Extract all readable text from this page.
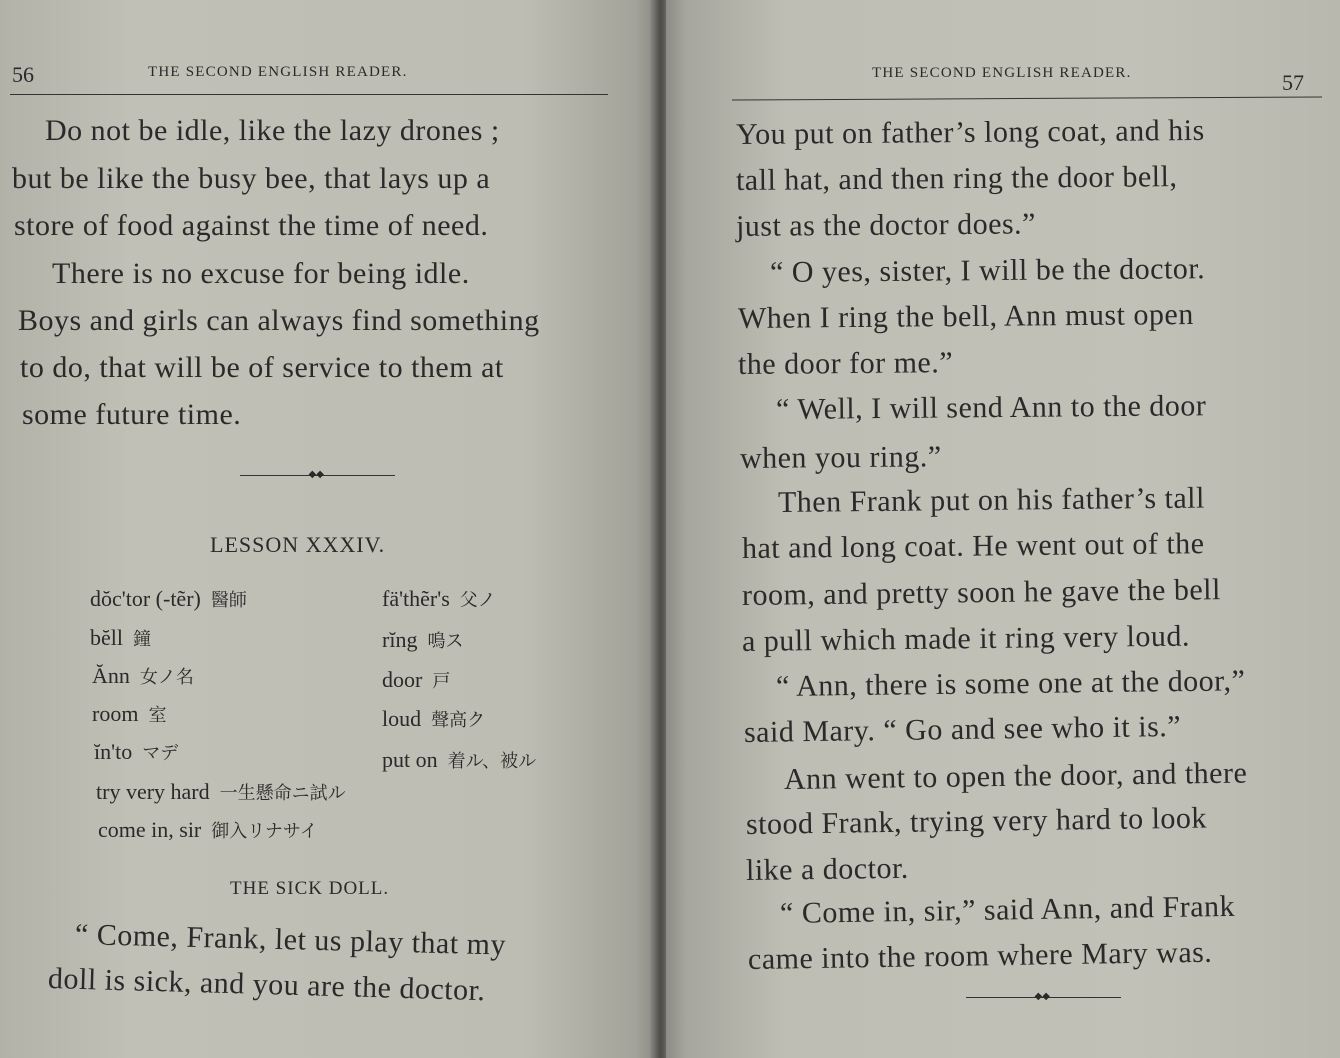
56	THE SECOND ENGLISH READER.
Do not be idle, like the lazy drones ;
but be like the busy bee, that lays up a
store of food against the time of need.
There is no excuse for being idle.
Boys and girls can always find something
to do, that will be of service to them at
some future time.
◆◆
LESSON XXXIV.
dŏc'tor (-tẽr) 醫師
bĕll 鐘
Ănn 女ノ名
room 室
ĭn'to マデ
fä'thẽr's 父ノ
rĭng 鳴ス
door 戸
loud 聲高ク
put on 着ル、被ル
try very hard 一生懸命ニ試ル
come in, sir 御入リナサイ
THE SICK DOLL.
“ Come, Frank, let us play that my
doll is sick, and you are the doctor.
THE SECOND ENGLISH READER.	57
You put on father’s long coat, and his
tall hat, and then ring the door bell,
just as the doctor does.”
“ O yes, sister, I will be the doctor.
When I ring the bell, Ann must open
the door for me.”
“ Well, I will send Ann to the door
when you ring.”
Then Frank put on his father’s tall
hat and long coat. He went out of the
room, and pretty soon he gave the bell
a pull which made it ring very loud.
“ Ann, there is some one at the door,”
said Mary. “ Go and see who it is.”
Ann went to open the door, and there
stood Frank, trying very hard to look
like a doctor.
“ Come in, sir,” said Ann, and Frank
came into the room where Mary was.
◆◆
